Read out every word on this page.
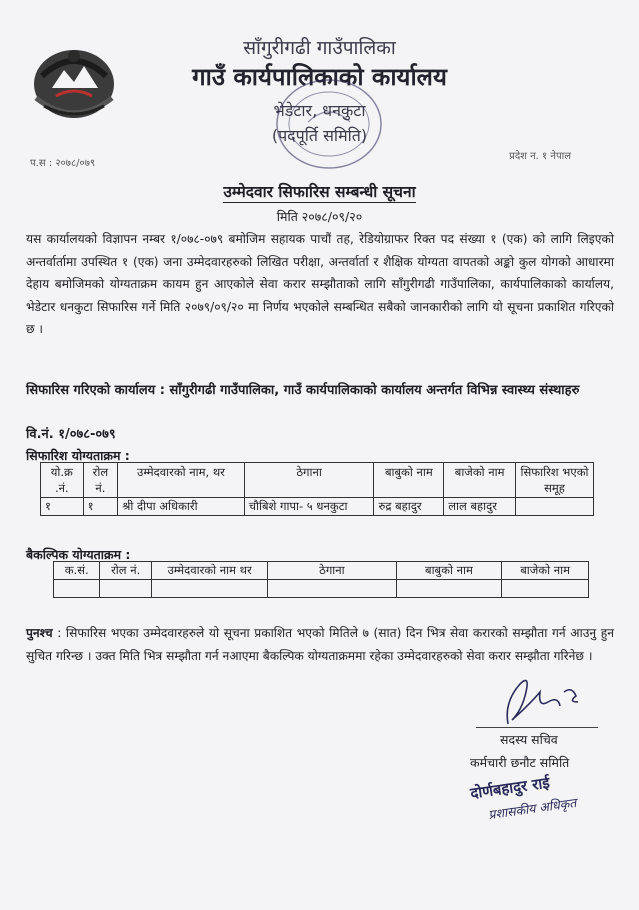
साँगुरीगढी गाउँपालिका
गाउँ कार्यपालिकाको कार्यालय
भेडेटार, धनकुटा
(पदपूर्ति समिति)
प.स : २०७८/०७९
प्रदेश न. १ नेपाल
उम्मेदवार सिफारिस सम्बन्धी सूचना
मिति २०७८/०९/२०
यस कार्यालयको विज्ञापन नम्बर १/०७८-०७९ बमोजिम सहायक पाचौं तह, रेडियोग्राफर रिक्त पद संख्या १ (एक) को लागि लिइएको अन्तर्वार्तामा उपस्थित १ (एक) जना उम्मेदवारहरुको लिखित परीक्षा, अन्तर्वार्ता र शैक्षिक योग्यता वापतको अङ्को कुल योगको आधारमा देहाय बमोजिमको योग्यताक्रम कायम हुन आएकोले सेवा करार सम्झौताको लागि साँगुरीगढी गाउँपालिका, कार्यपालिकाको कार्यालय, भेडेटार धनकुटा सिफारिस गर्ने मिति २०७९/०९/२० मा निर्णय भएकोले सम्बन्धित सबैको जानकारीको लागि यो सूचना प्रकाशित गरिएको छ ।
सिफारिस गरिएको कार्यालय : साँगुरीगढी गाउँपालिका, गाउँ कार्यपालिकाको कार्यालय अन्तर्गत विभिन्न स्वास्थ्य संस्थाहरु
वि.नं. १/०७८-०७९
सिफारिश योग्यताक्रम :
यो.क्र .नं.	रोल नं.	उम्मेदवारको नाम, थर	ठेगाना	बाबुको नाम	बाजेको नाम	सिफारिश भएको समूह
१	१	श्री दीपा अधिकारी	चौबिशे गापा- ५ धनकुटा	रुद्र बहादुर	लाल बहादुर	
बैकल्पिक योग्यताक्रम :
क.सं.	रोल नं.	उम्मेदवारको नाम थर	ठेगाना	बाबुको नाम	बाजेको नाम

पुनश्च : सिफारिस भएका उम्मेदवारहरुले यो सूचना प्रकाशित भएको मितिले ७ (सात) दिन भित्र सेवा करारको सम्झौता गर्न आउनु हुन सुचित गरिन्छ । उक्त मिति भित्र सम्झौता गर्न नआएमा बैकल्पिक योग्यताक्रममा रहेका उम्मेदवारहरुको सेवा करार सम्झौता गरिनेछ ।
सदस्य सचिव
कर्मचारी छनौट समिति
दोर्णबहादुर राई
प्रशासकीय अधिकृत
